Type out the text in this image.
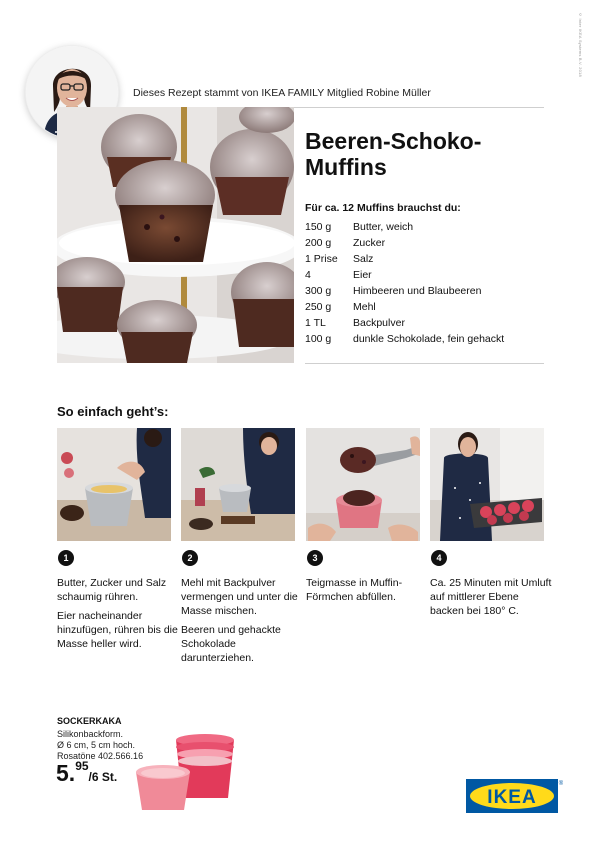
© Inter IKEA Systems B.V. 2018
Dieses Rezept stammt von IKEA FAMILY Mitglied Robine Müller
Beeren-Schoko-Muffins
Für ca. 12 Muffins brauchst du:
150 g	Butter, weich
200 g	Zucker
1 Prise	Salz
4	Eier
300 g	Himbeeren und Blaubeeren
250 g	Mehl
1 TL	Backpulver
100 g	dunkle Schokolade, fein gehackt
So einfach geht’s:
1

Butter, Zucker und Salz schaumig rühren.

Eier nacheinander hinzufügen, rühren bis die Masse heller wird.

2

Mehl mit Backpulver vermengen und unter die Masse mischen.

Beeren und gehackte Schokolade darunterziehen.

3

Teigmasse in Muffin-Förmchen abfüllen.

4

Ca. 25 Minuten mit Umluft auf mittlerer Ebene backen bei 180° C.

SOCKERKAKA
Silikonbackform.
Ø 6 cm, 5 cm hoch.
Rosatöne 402.566.16
5.95/6 St.
IKEA
®
